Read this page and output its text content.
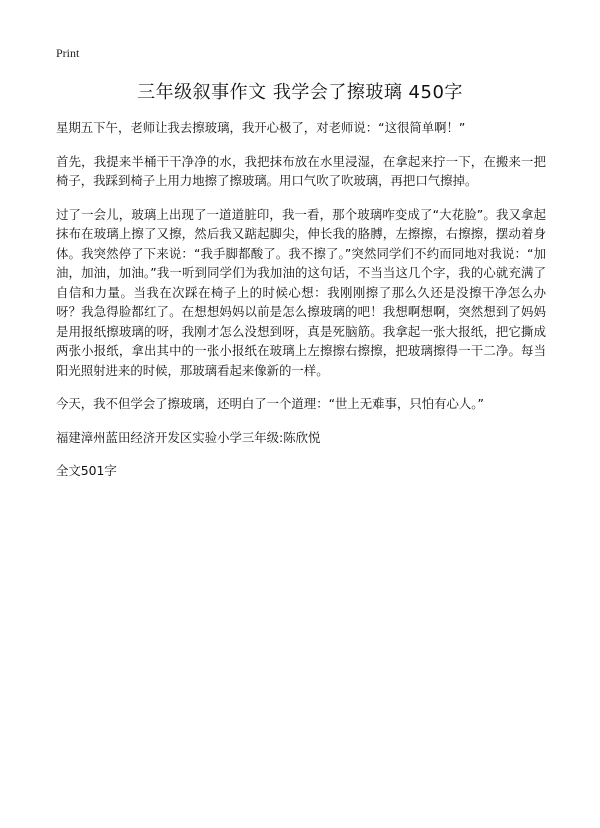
Print
三年级叙事作文 我学会了擦玻璃 450字

星期五下午，老师让我去擦玻璃，我开心极了，对老师说：“这很简单啊！”

首先，我提来半桶干干净净的水，我把抹布放在水里浸湿，在拿起来拧一下，在搬来一把椅子，我踩到椅子上用力地擦了擦玻璃。用口气吹了吹玻璃，再把口气擦掉。

过了一会儿，玻璃上出现了一道道脏印，我一看，那个玻璃咋变成了“大花脸”。我又拿起抹布在玻璃上擦了又擦，然后我又踮起脚尖，伸长我的胳膊，左擦擦，右擦擦，摆动着身体。我突然停了下来说：“我手脚都酸了。我不擦了。”突然同学们不约而同地对我说：“加油，加油，加油。”我一听到同学们为我加油的这句话，不当当这几个字，我的心就充满了自信和力量。当我在次踩在椅子上的时候心想：我刚刚擦了那么久还是没擦干净怎么办呀？我急得脸都红了。在想想妈妈以前是怎么擦玻璃的吧！我想啊想啊，突然想到了妈妈是用报纸擦玻璃的呀，我刚才怎么没想到呀，真是死脑筋。我拿起一张大报纸，把它撕成两张小报纸，拿出其中的一张小报纸在玻璃上左擦擦右擦擦，把玻璃擦得一干二净。每当阳光照射进来的时候，那玻璃看起来像新的一样。

今天，我不但学会了擦玻璃，还明白了一个道理：“世上无难事，只怕有心人。”

福建漳州蓝田经济开发区实验小学三年级:陈欣悦

全文501字
